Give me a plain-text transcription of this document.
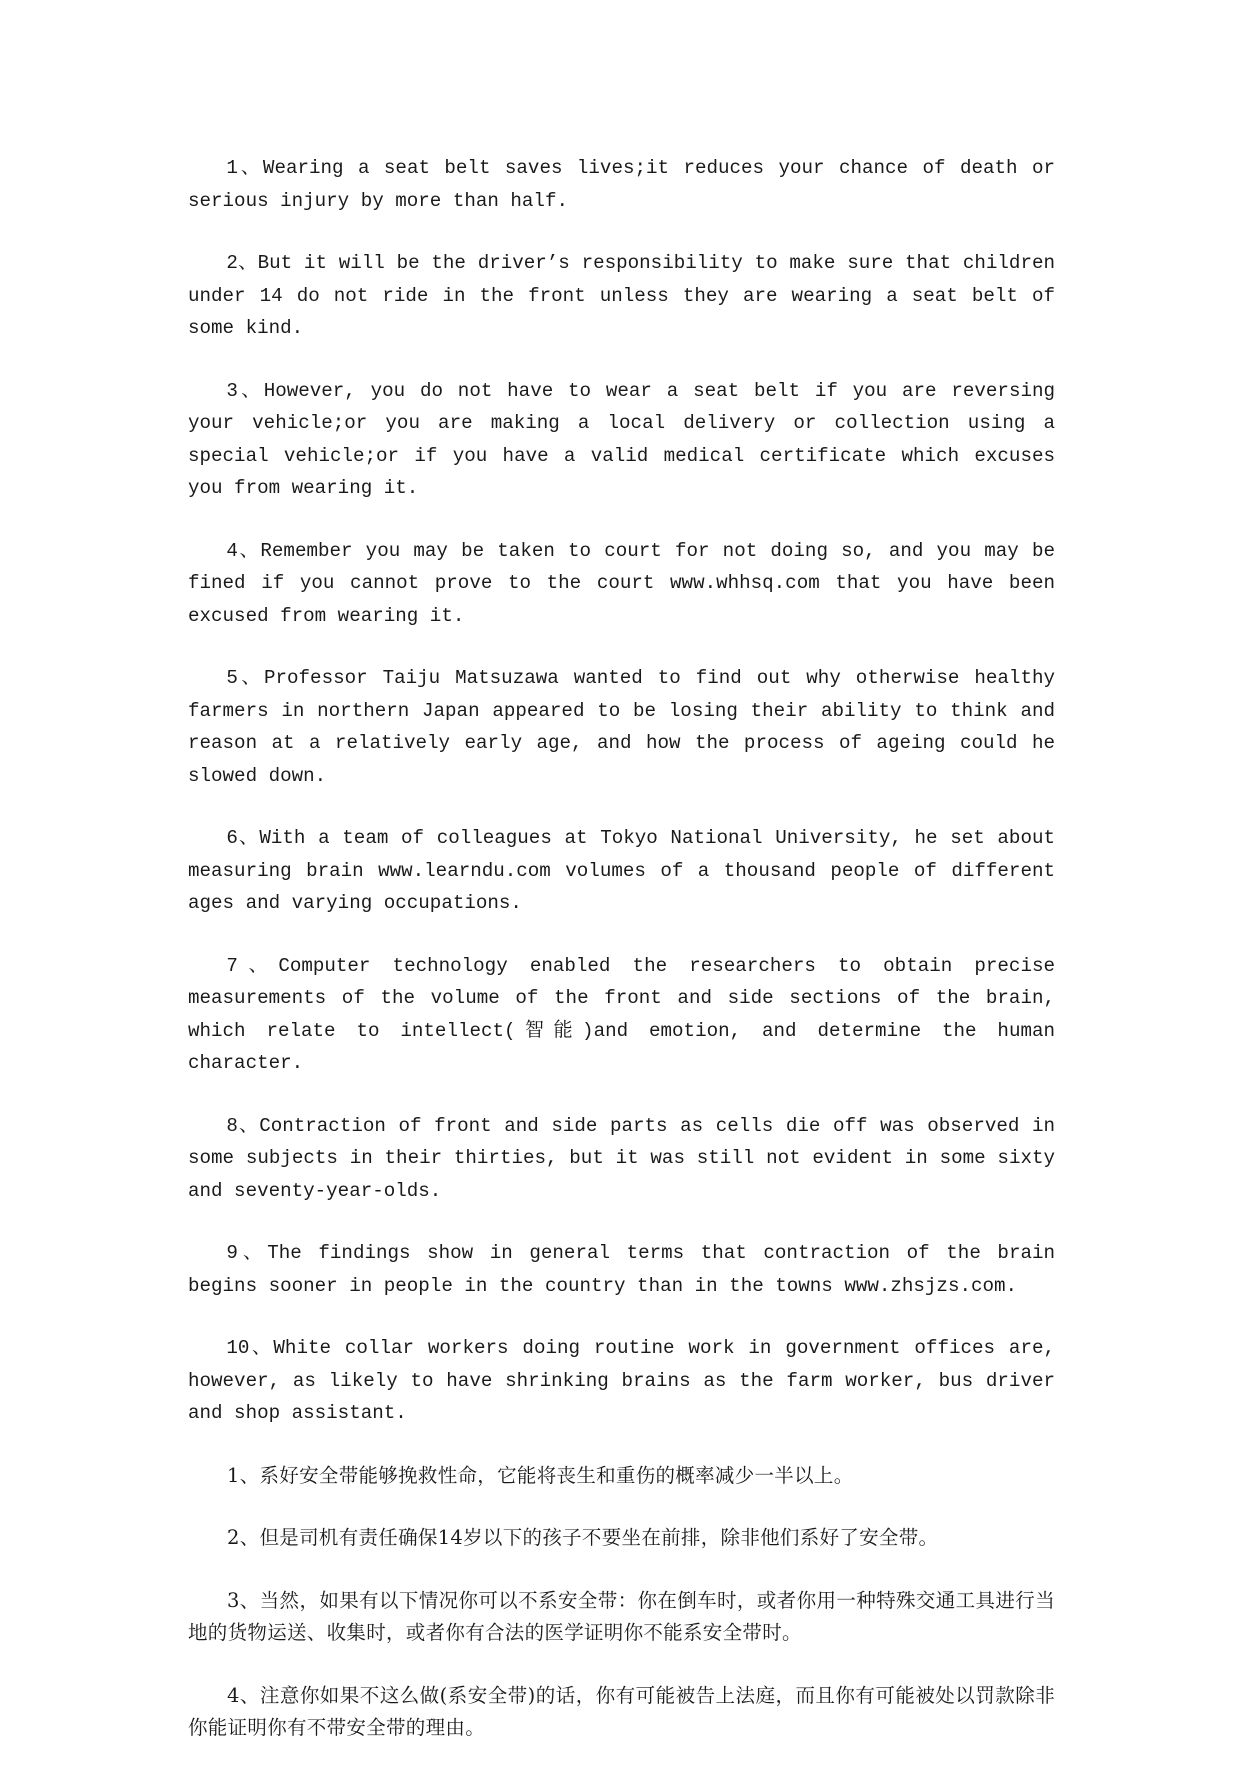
1、Wearing a seat belt saves lives;it reduces your chance of death or serious injury by more than half.

2、But it will be the driver’s responsibility to make sure that children under 14 do not ride in the front unless they are wearing a seat belt of some kind.

3、However, you do not have to wear a seat belt if you are reversing your vehicle;or you are making a local delivery or collection using a special vehicle;or if you have a valid medical certificate which excuses you from wearing it.

4、Remember you may be taken to court for not doing so, and you may be fined if you cannot prove to the court www.whhsq.com that you have been excused from wearing it.

5、Professor Taiju Matsuzawa wanted to find out why otherwise healthy farmers in northern Japan appeared to be losing their ability to think and reason at a relatively early age, and how the process of ageing could he slowed down.

6、With a team of colleagues at Tokyo National University, he set about measuring brain www.learndu.com volumes of a thousand people of different ages and varying occupations.

7、Computer technology enabled the researchers to obtain precise measurements of the volume of the front and side sections of the brain, which relate to intellect(智能)and emotion, and determine the human character.

8、Contraction of front and side parts as cells die off was observed in some subjects in their thirties, but it was still not evident in some sixty and seventy-year-olds.

9、The findings show in general terms that contraction of the brain begins sooner in people in the country than in the towns www.zhsjzs.com.

10、White collar workers doing routine work in government offices are, however, as likely to have shrinking brains as the farm worker, bus driver and shop assistant.

1、系好安全带能够挽救性命，它能将丧生和重伤的概率减少一半以上。

2、但是司机有责任确保14岁以下的孩子不要坐在前排，除非他们系好了安全带。

3、当然，如果有以下情况你可以不系安全带：你在倒车时，或者你用一种特殊交通工具进行当地的货物运送、收集时，或者你有合法的医学证明你不能系安全带时。

4、注意你如果不这么做(系安全带)的话，你有可能被告上法庭，而且你有可能被处以罚款除非你能证明你有不带安全带的理由。
